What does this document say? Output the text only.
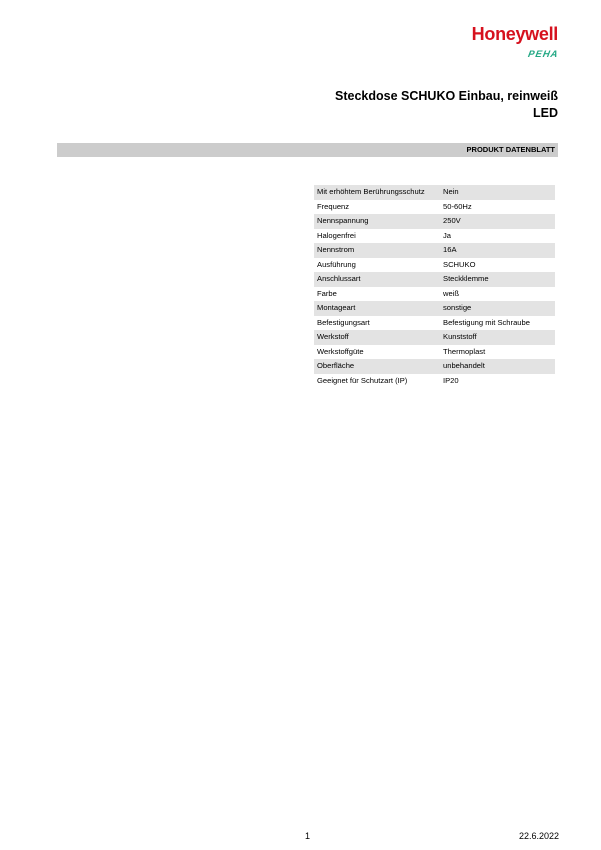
Honeywell
PEHA
Steckdose SCHUKO Einbau, reinweiß
LED
PRODUKT DATENBLATT
Mit erhöhtem Berührungsschutz	Nein
Frequenz	50-60Hz
Nennspannung	250V
Halogenfrei	Ja
Nennstrom	16A
Ausführung	SCHUKO
Anschlussart	Steckklemme
Farbe	weiß
Montageart	sonstige
Befestigungsart	Befestigung mit Schraube
Werkstoff	Kunststoff
Werkstoffgüte	Thermoplast
Oberfläche	unbehandelt
Geeignet für Schutzart (IP)	IP20
1	22.6.2022
